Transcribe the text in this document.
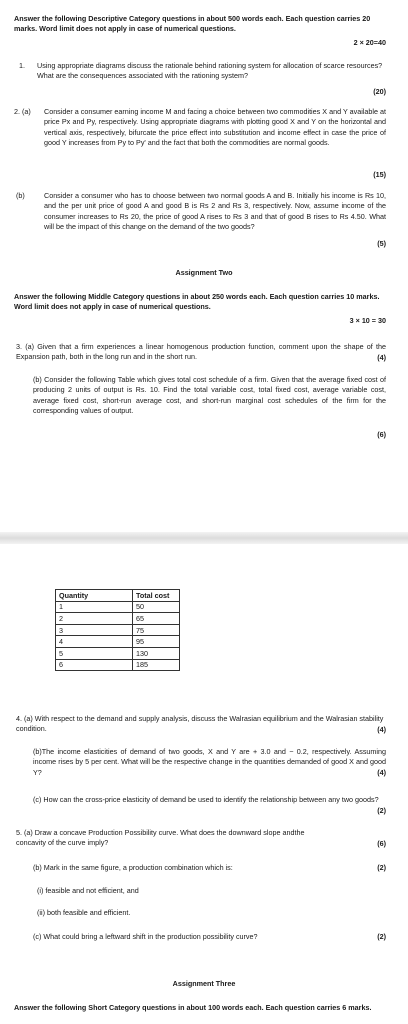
Answer the following Descriptive Category questions in about 500 words each. Each question carries 20 marks. Word limit does not apply in case of numerical questions.
2 × 20=40
1.	Using appropriate diagrams discuss the rationale behind rationing system for allocation of scarce resources? What are the consequences associated with the rationing system?
(20)
2. (a)	Consider a consumer earning income M and facing a choice between two commodities X and Y available at price Px and Py, respectively. Using appropriate diagrams with plotting good X and Y on the horizontal and vertical axis, respectively, bifurcate the price effect into substitution and income effect in case the price of good Y increases from Py to Py' and the fact that both the commodities are normal goods.
(15)
(b)	Consider a consumer who has to choose between two normal goods A and B. Initially his income is Rs 10, and the per unit price of good A and good B is Rs 2 and Rs 3, respectively. Now, assume income of the consumer increases to Rs 20, the price of good A rises to Rs 3 and that of good B rises to Rs 4.50. What will be the impact of this change on the demand of the two goods?
(5)
Assignment Two
Answer the following Middle Category questions in about 250 words each. Each question carries 10 marks. Word limit does not apply in case of numerical questions.
3 × 10 = 30
3. (a) Given that a firm experiences a linear homogenous production function, comment upon the shape of the Expansion path, both in the long run and in the short run.	(4)
(b) Consider the following Table which gives total cost schedule of a firm. Given that the average fixed cost of producing 2 units of output is Rs. 10. Find the total variable cost, total fixed cost, average variable cost, average fixed cost, short-run average cost, and short-run marginal cost schedules of the firm for the corresponding values of output.
(6)
Quantity	Total cost
1	50
2	65
3	75
4	95
5	130
6	185
4. (a) With respect to the demand and supply analysis, discuss the Walrasian equilibrium and the Walrasian stability condition.	(4)
(b)The income elasticities of demand of two goods, X and Y are + 3.0 and − 0.2, respectively. Assuming income rises by 5 per cent. What will be the respective change in the quantities demanded of good X and good Y?	(4)
(c) How can the cross-price elasticity of demand be used to identify the relationship between any two goods?
(2)
5. (a) Draw a concave Production Possibility curve. What does the downward slope andthe concavity of the curve imply?	(6)
(b) Mark in the same figure, a production combination which is:	(2)
(i) feasible and not efficient, and
(ii) both feasible and efficient.
(c) What could bring a leftward shift in the production possibility curve?	(2)
Assignment Three
Answer the following Short Category questions in about 100 words each. Each question carries 6 marks.
